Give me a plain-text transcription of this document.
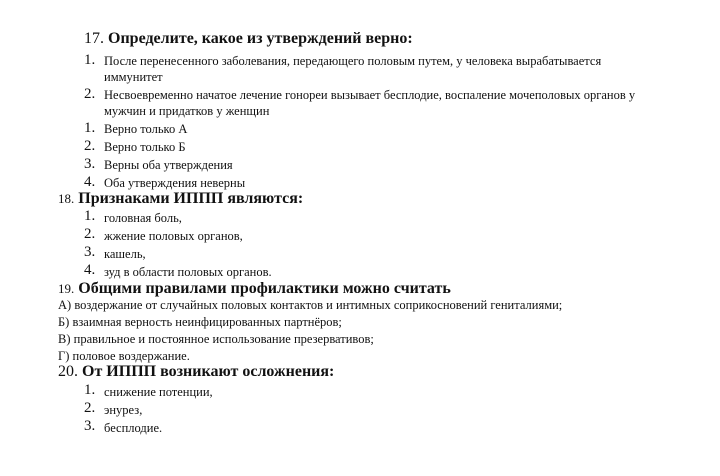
17. Определите, какое из утверждений верно:
1. После перенесенного заболевания, передающего половым путем, у человека вырабатывается
иммунитет
2. Несвоевременно начатое лечение гонореи вызывает бесплодие, воспаление мочеполовых органов у
мужчин и придатков у женщин
1. Верно только А
2. Верно только Б
3. Верны оба утверждения
4. Оба утверждения неверны
18. Признаками ИППП являются:
1. головная боль,
2. жжение половых органов,
3. кашель,
4. зуд в области половых органов.
19. Общими правилами профилактики можно считать
А) воздержание от случайных половых контактов и интимных соприкосновений гениталиями;
Б) взаимная верность неинфицированных партнёров;
В) правильное и постоянное использование презервативов;
Г) половое воздержание.
20. От ИППП возникают осложнения:
1. снижение потенции,
2. энурез,
3. бесплодие.
